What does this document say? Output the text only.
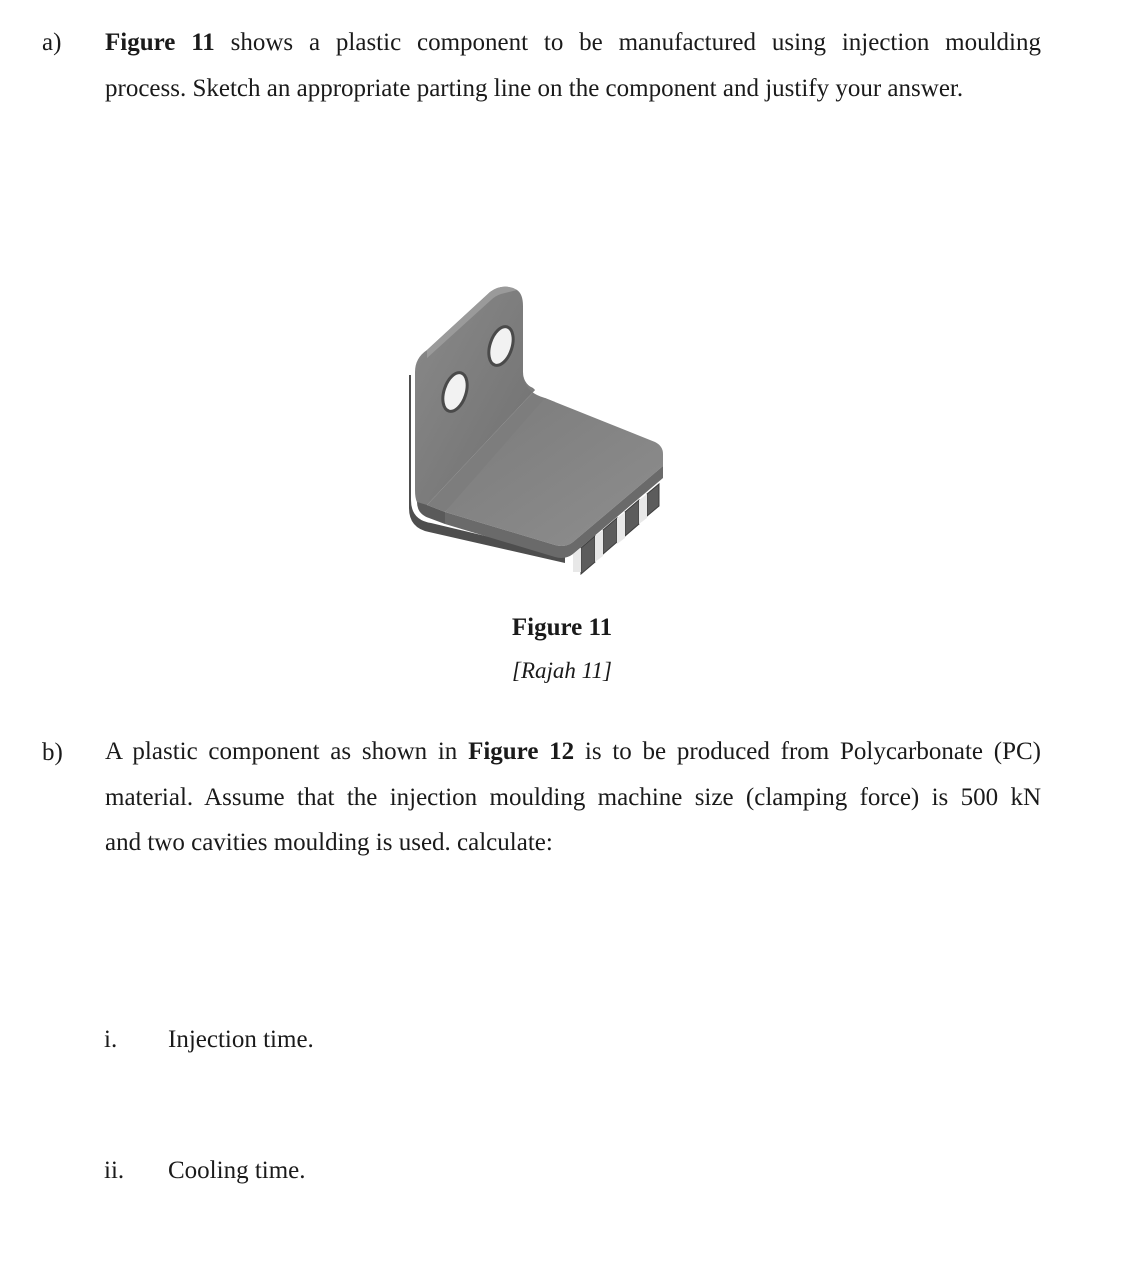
a) Figure 11 shows a plastic component to be manufactured using injection moulding
process. Sketch an appropriate parting line on the component and justify your answer.
Figure 11
[Rajah 11]
b) A plastic component as shown in Figure 12 is to be produced from Polycarbonate (PC)
material. Assume that the injection moulding machine size (clamping force) is 500 kN
and two cavities moulding is used. calculate:
i. Injection time.
ii. Cooling time.
